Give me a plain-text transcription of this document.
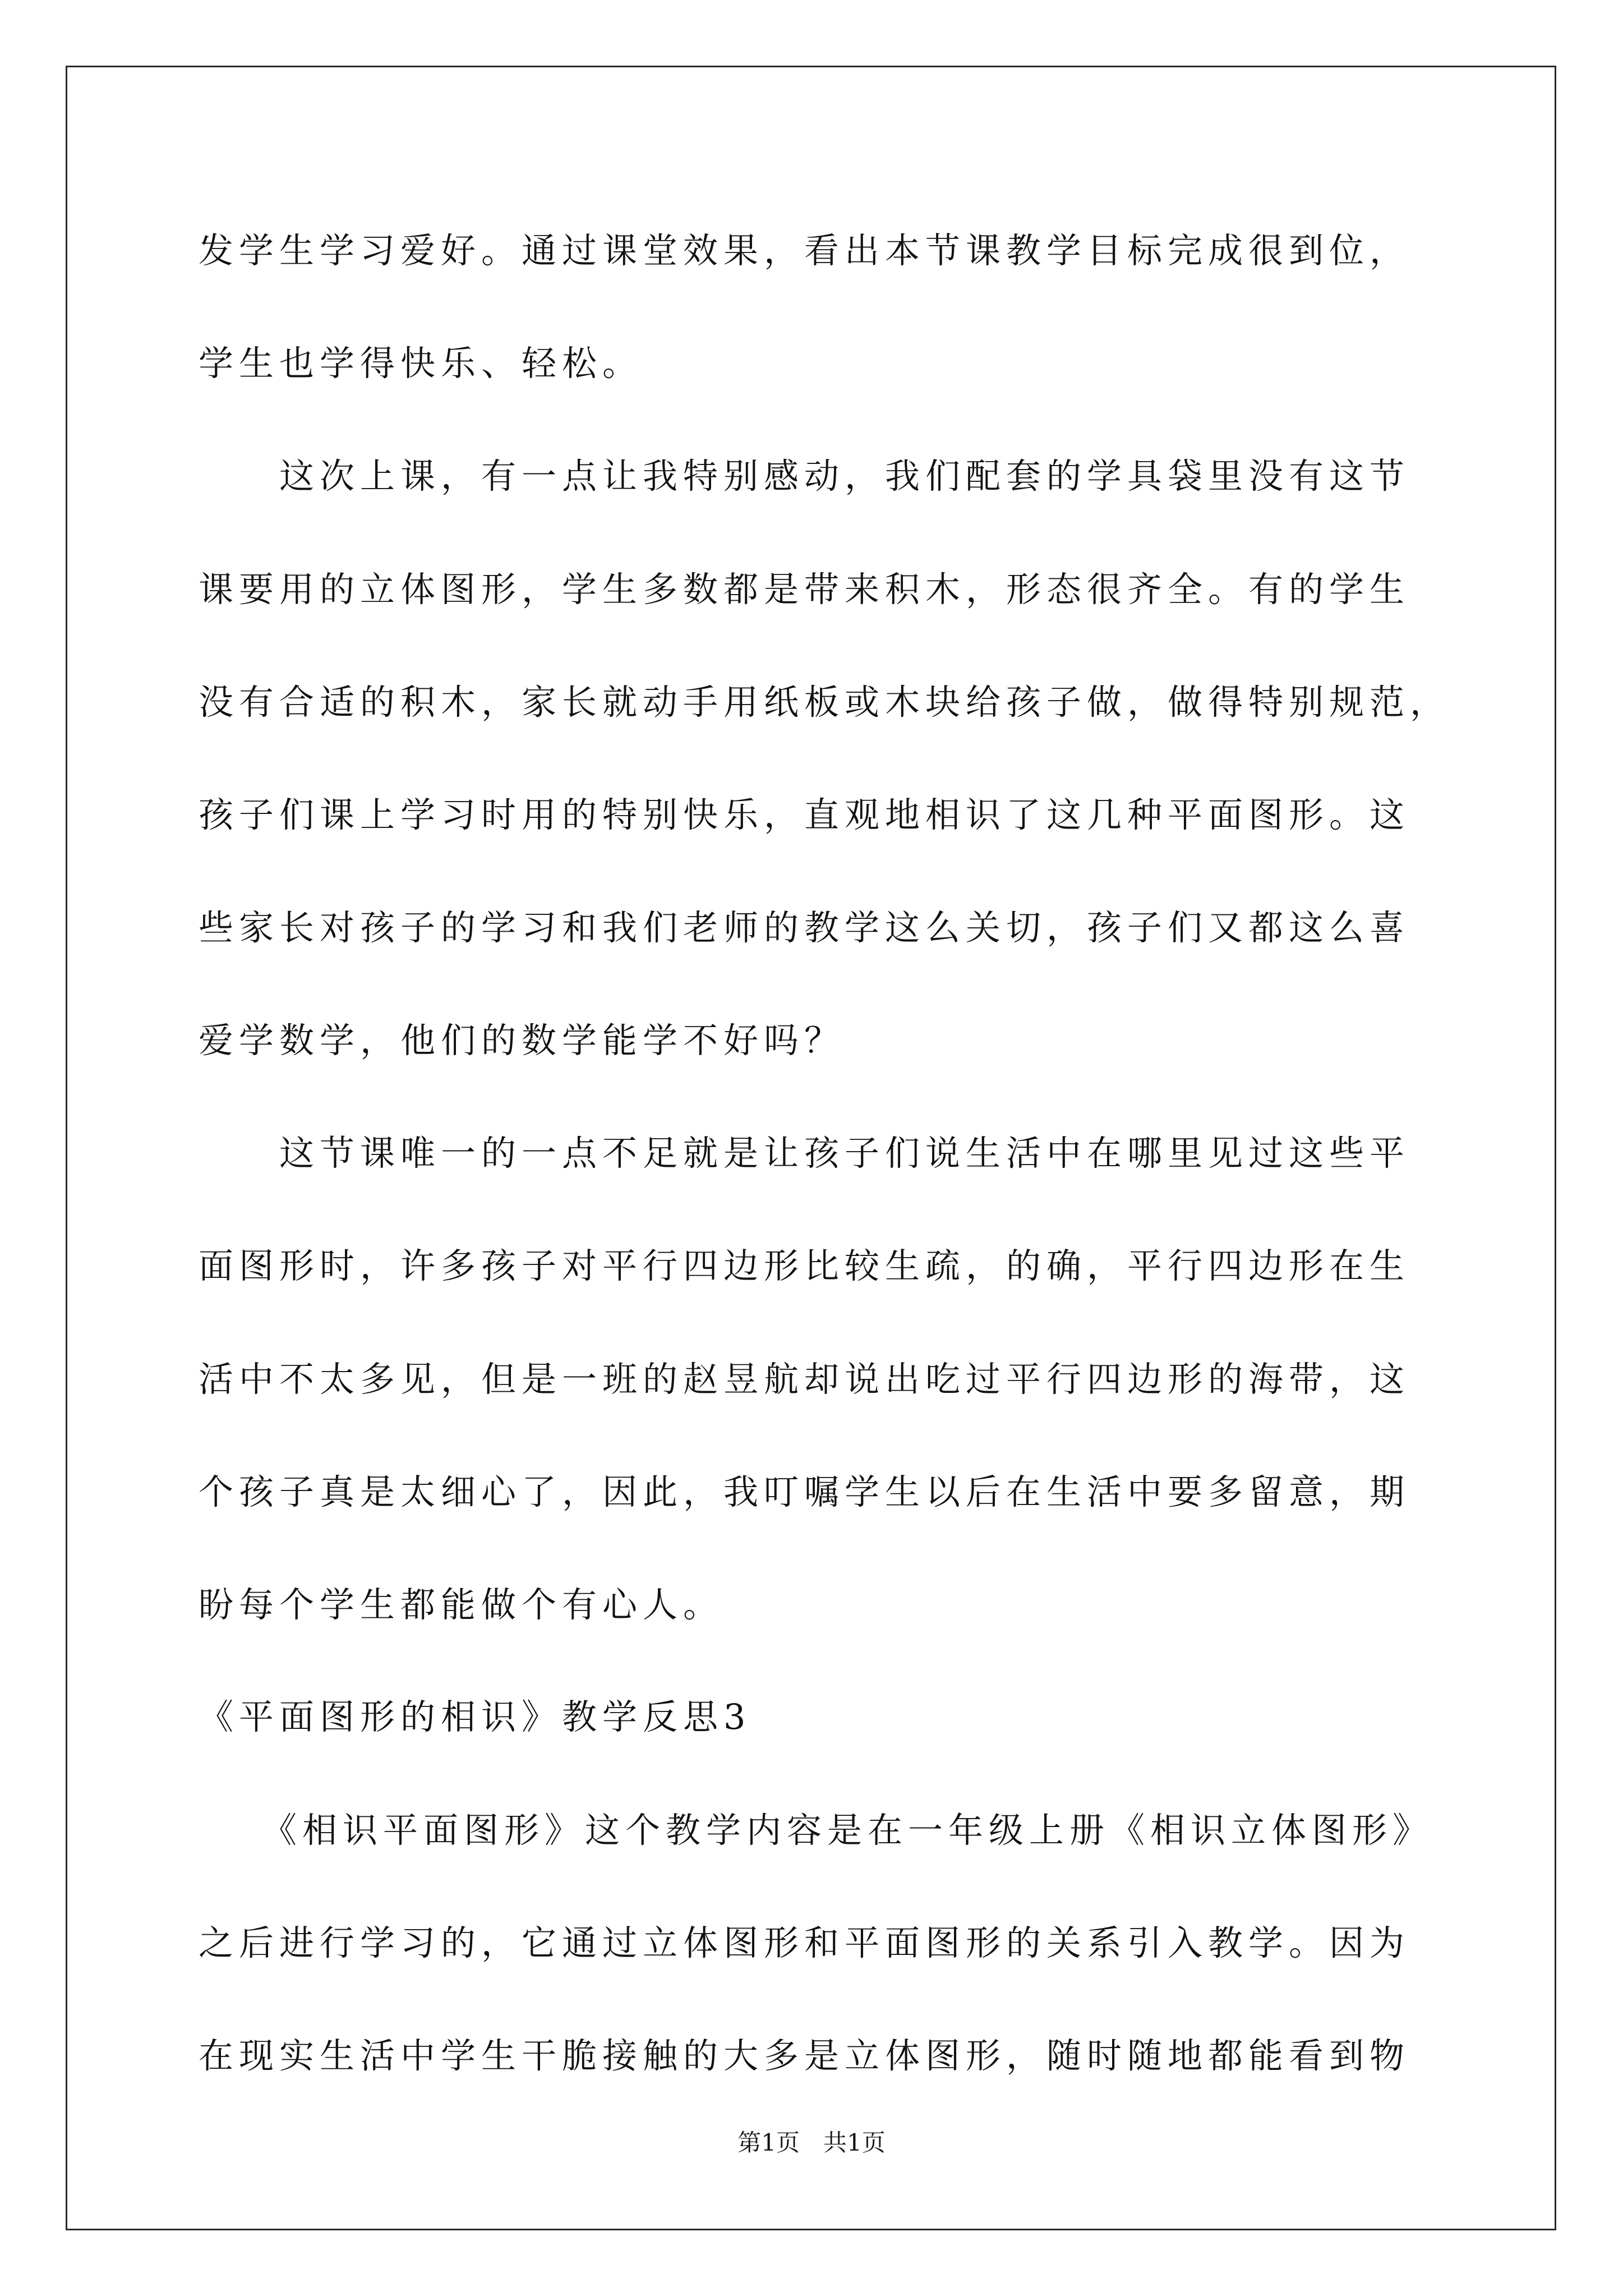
发学生学习爱好。通过课堂效果，看出本节课教学目标完成很到位，
学生也学得快乐、轻松。
　　这次上课，有一点让我特别感动，我们配套的学具袋里没有这节
课要用的立体图形，学生多数都是带来积木，形态很齐全。有的学生
没有合适的积木，家长就动手用纸板或木块给孩子做，做得特别规范，
孩子们课上学习时用的特别快乐，直观地相识了这几种平面图形。这
些家长对孩子的学习和我们老师的教学这么关切，孩子们又都这么喜
爱学数学，他们的数学能学不好吗？
　　这节课唯一的一点不足就是让孩子们说生活中在哪里见过这些平
面图形时，许多孩子对平行四边形比较生疏，的确，平行四边形在生
活中不太多见，但是一班的赵昱航却说出吃过平行四边形的海带，这
个孩子真是太细心了，因此，我叮嘱学生以后在生活中要多留意，期
盼每个学生都能做个有心人。
《平面图形的相识》教学反思3
　　《相识平面图形》这个教学内容是在一年级上册《相识立体图形》
之后进行学习的，它通过立体图形和平面图形的关系引入教学。因为
在现实生活中学生干脆接触的大多是立体图形，随时随地都能看到物
第1页　共1页
